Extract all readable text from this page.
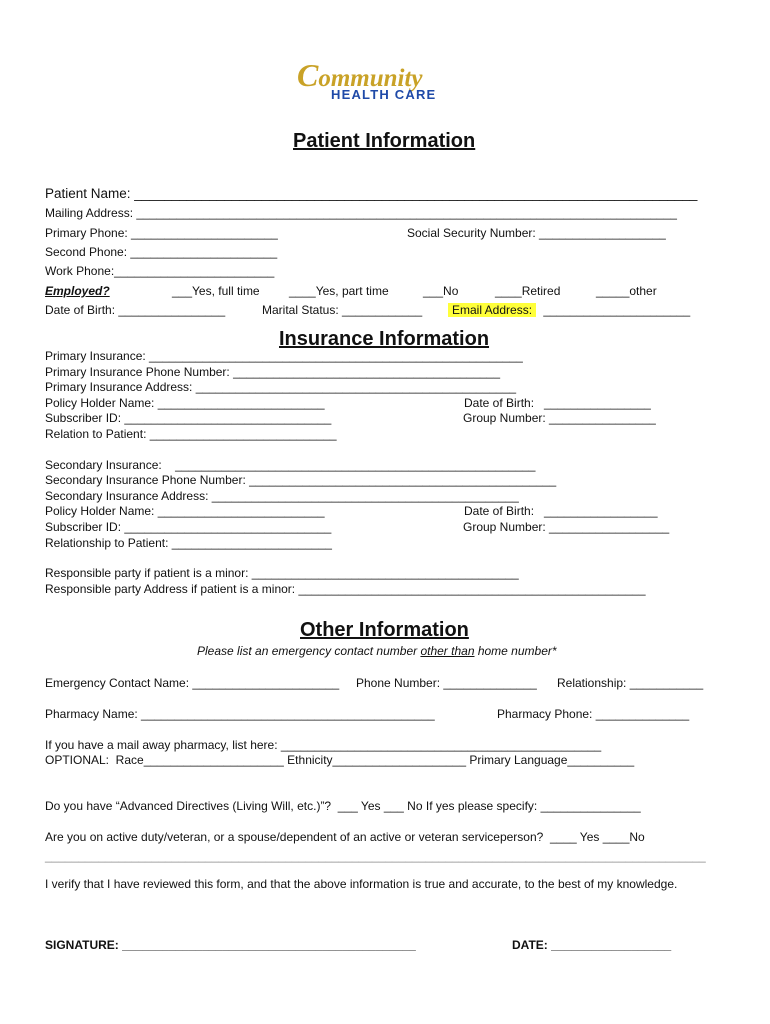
Community
HEALTH CARE
Patient Information
Patient Name: ___________________________________________________________________________
Mailing Address: _________________________________________________________________________________
Primary Phone: ______________________	Social Security Number: ___________________
Second Phone: ______________________
Work Phone:________________________
Employed?	___Yes, full time ____Yes, part time	___No	____Retired	_____other
Date of Birth: ________________	Marital Status: ____________	Email Address: ______________________
Insurance Information
Primary Insurance: ________________________________________________________
Primary Insurance Phone Number: ________________________________________
Primary Insurance Address: ________________________________________________
Policy Holder Name: _________________________	Date of Birth:   ________________
Subscriber ID: _______________________________	Group Number: ________________
Relation to Patient: ____________________________
Secondary Insurance:    ______________________________________________________
Secondary Insurance Phone Number: ______________________________________________
Secondary Insurance Address: ______________________________________________
Policy Holder Name: _________________________	Date of Birth:   _________________
Subscriber ID: _______________________________	Group Number: __________________
Relationship to Patient: ________________________
Responsible party if patient is a minor: ________________________________________
Responsible party Address if patient is a minor: ____________________________________________________
Other Information
Please list an emergency contact number other than home number*
Emergency Contact Name: ______________________ Phone Number: ______________ Relationship: ___________
Pharmacy Name: ____________________________________________	Pharmacy Phone: ______________
If you have a mail away pharmacy, list here: ________________________________________________
OPTIONAL:  Race_____________________ Ethnicity____________________ Primary Language__________
Do you have “Advanced Directives (Living Will, etc.)”?  ___ Yes ___ No If yes please specify: _______________
Are you on active duty/veteran, or a spouse/dependent of an active or veteran serviceperson?  ____ Yes ____No
___________________________________________________________________________________________________
I verify that I have reviewed this form, and that the above information is true and accurate, to the best of my knowledge.
SIGNATURE: ____________________________________________	DATE: __________________
